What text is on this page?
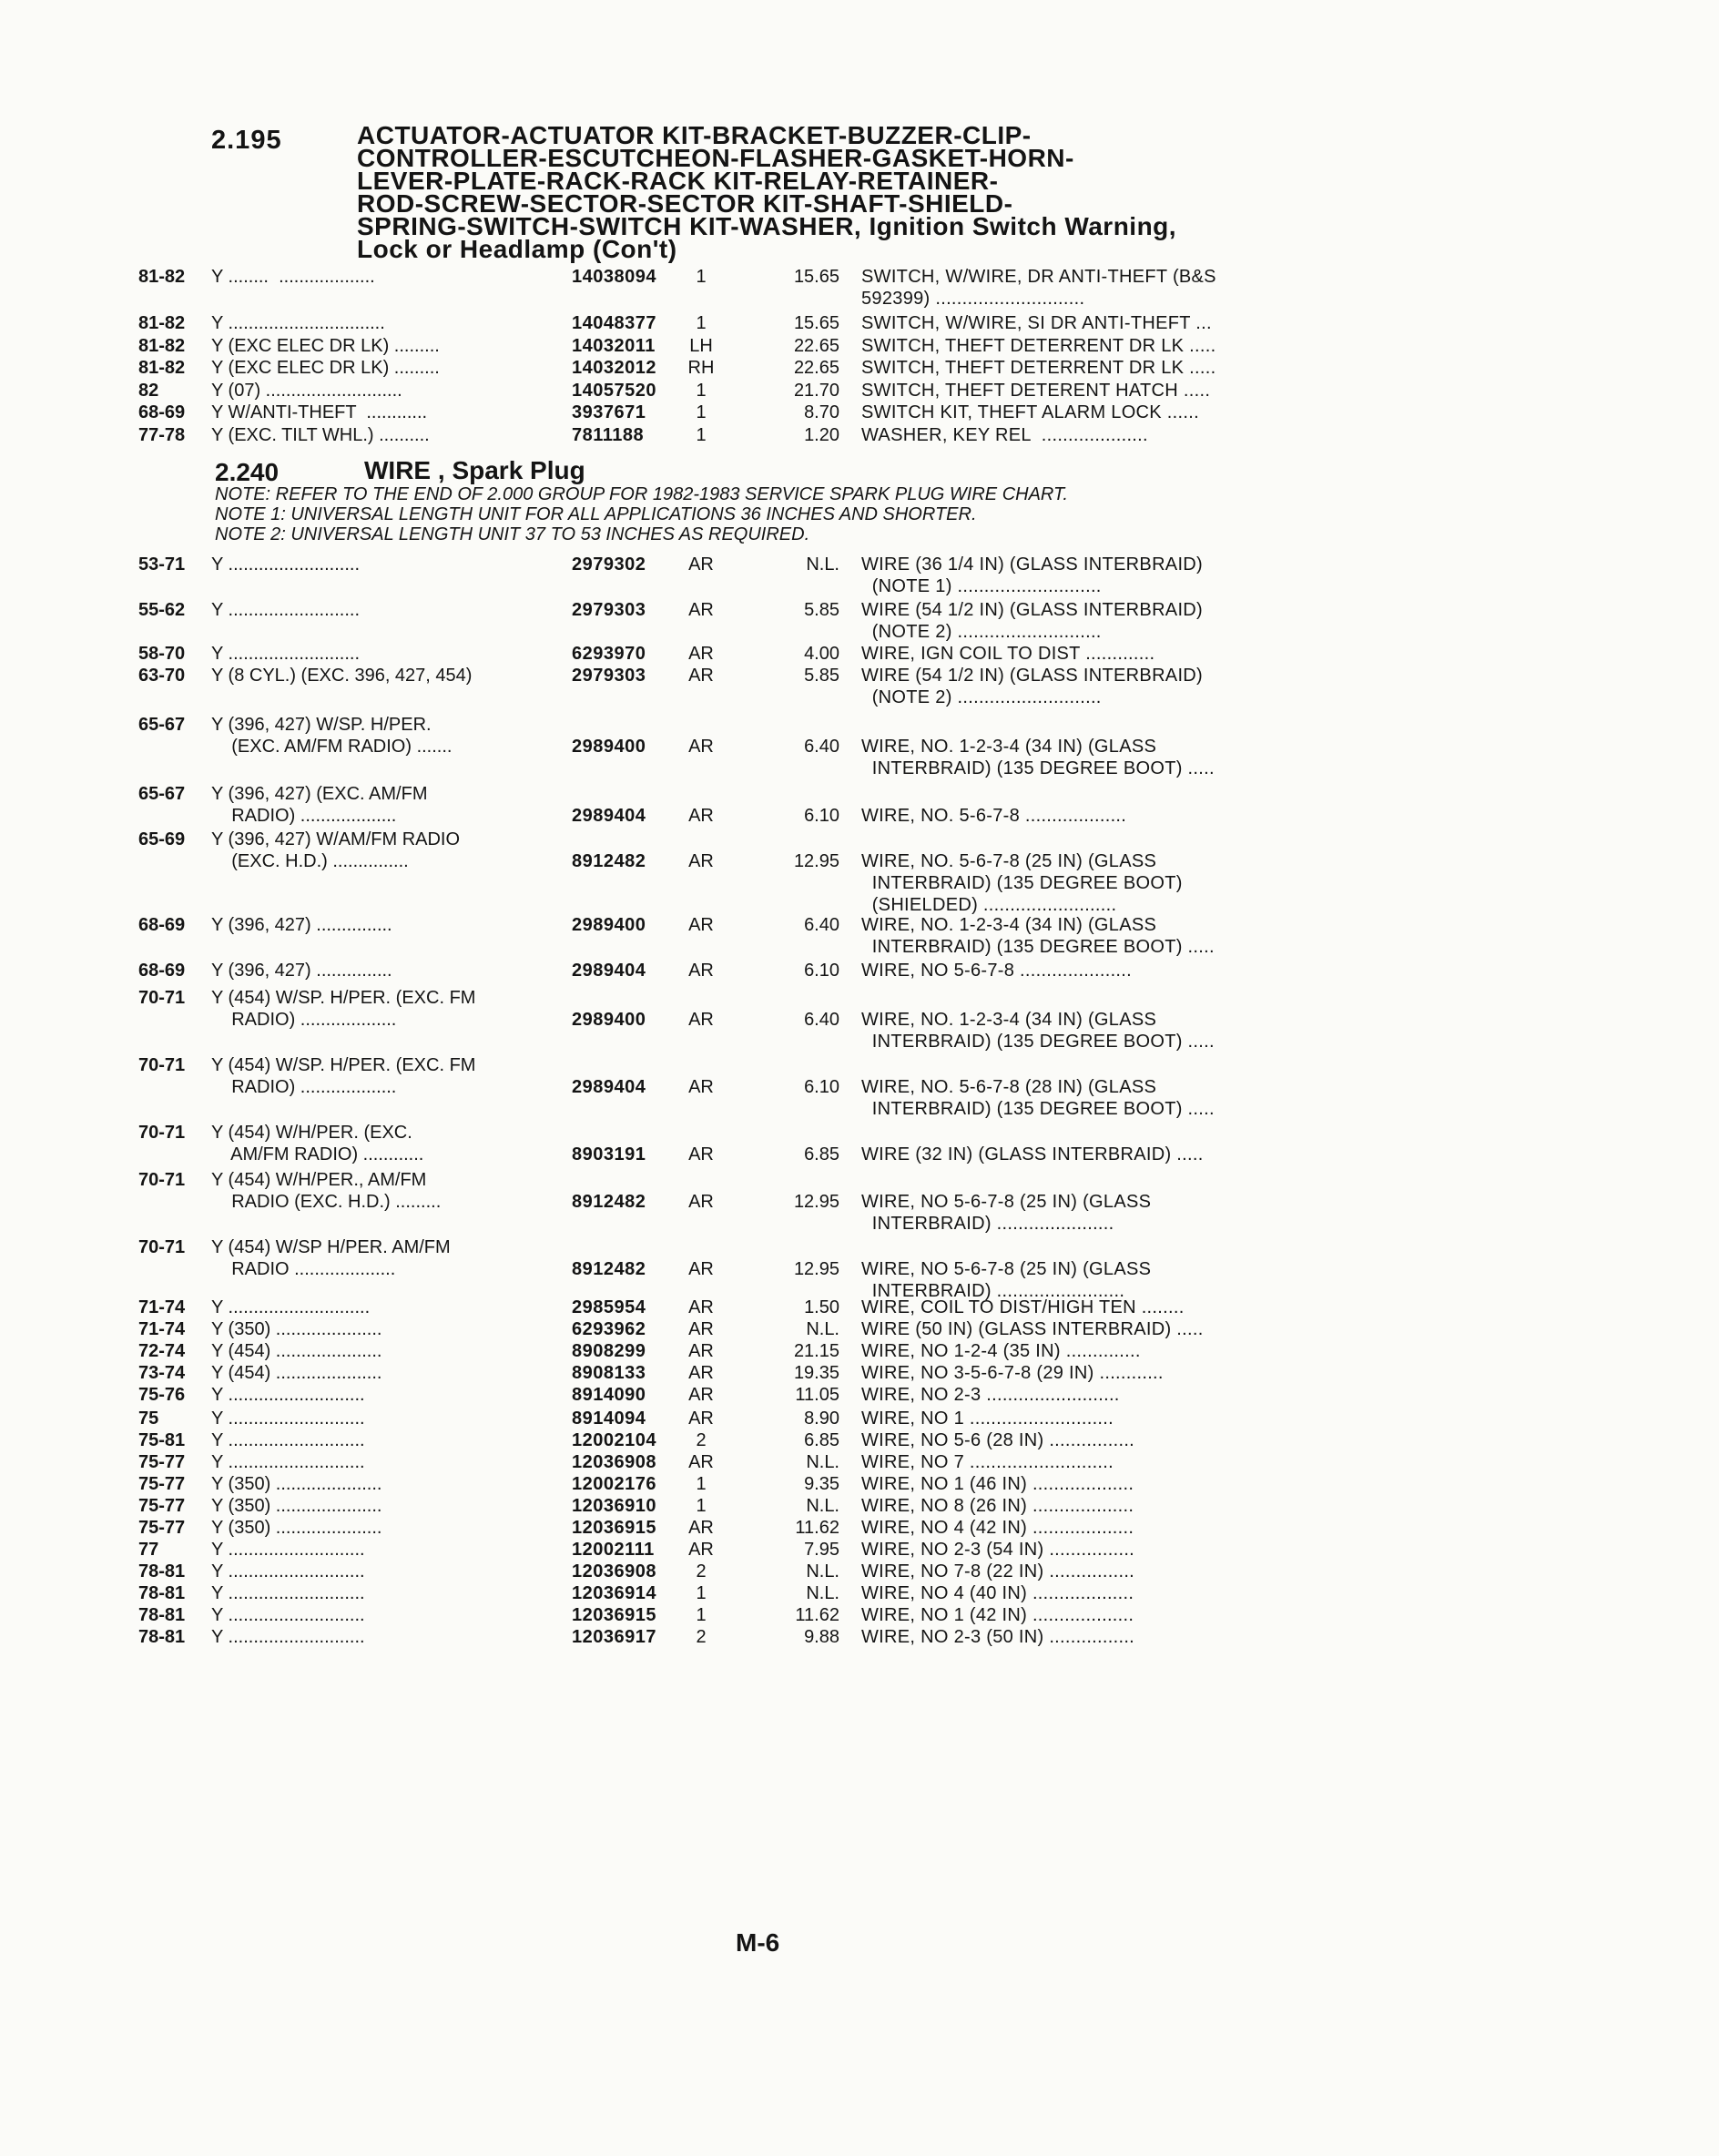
2.195	ACTUATOR-ACTUATOR KIT-BRACKET-BUZZER-CLIP-
CONTROLLER-ESCUTCHEON-FLASHER-GASKET-HORN-
LEVER-PLATE-RACK-RACK KIT-RELAY-RETAINER-
ROD-SCREW-SECTOR-SECTOR KIT-SHAFT-SHIELD-
SPRING-SWITCH-SWITCH KIT-WASHER, Ignition Switch Warning,
Lock or Headlamp (Con't)
81-82 Y ........  ...................	14038094	1	15.65 SWITCH, W/WIRE, DR ANTI-THEFT (B&S
592399) ............................
81-82 Y ...............................	14048377	1	15.65 SWITCH, W/WIRE, SI DR ANTI-THEFT ...
81-82 Y (EXC ELEC DR LK) .........	14032011	LH	22.65 SWITCH, THEFT DETERRENT DR LK .....
81-82 Y (EXC ELEC DR LK) .........	14032012	RH	22.65 SWITCH, THEFT DETERRENT DR LK .....
82	Y (07) ...........................	14057520	1	21.70 SWITCH, THEFT DETERENT HATCH .....
68-69 Y W/ANTI-THEFT  ............	3937671	1	8.70 SWITCH KIT, THEFT ALARM LOCK ......
77-78 Y (EXC. TILT WHL.) ..........	7811188	1	1.20 WASHER, KEY REL  ....................
2.240	WIRE , Spark Plug
NOTE: REFER TO THE END OF 2.000 GROUP FOR 1982-1983 SERVICE SPARK PLUG WIRE CHART.
NOTE 1: UNIVERSAL LENGTH UNIT FOR ALL APPLICATIONS 36 INCHES AND SHORTER.
NOTE 2: UNIVERSAL LENGTH UNIT 37 TO 53 INCHES AS REQUIRED.
53-71 Y ..........................	2979302	AR	N.L. WIRE (36 1/4 IN) (GLASS INTERBRAID)
(NOTE 1) ...........................
55-62 Y ..........................	2979303	AR	5.85 WIRE (54 1/2 IN) (GLASS INTERBRAID)
(NOTE 2) ...........................
58-70 Y ..........................	6293970	AR	4.00 WIRE, IGN COIL TO DIST .............
63-70 Y (8 CYL.) (EXC. 396, 427, 454)	2979303	AR	5.85 WIRE (54 1/2 IN) (GLASS INTERBRAID)
(NOTE 2) ...........................
65-67 Y (396, 427) W/SP. H/PER.
(EXC. AM/FM RADIO) .......	2989400	AR	6.40 WIRE, NO. 1-2-3-4 (34 IN) (GLASS
INTERBRAID) (135 DEGREE BOOT) .....
65-67 Y (396, 427) (EXC. AM/FM
RADIO) ...................	2989404	AR	6.10 WIRE, NO. 5-6-7-8 ...................
65-69 Y (396, 427) W/AM/FM RADIO
(EXC. H.D.) ...............	8912482	AR	12.95 WIRE, NO. 5-6-7-8 (25 IN) (GLASS
INTERBRAID) (135 DEGREE BOOT)
(SHIELDED) .........................
68-69 Y (396, 427) ...............	2989400	AR	6.40 WIRE, NO. 1-2-3-4 (34 IN) (GLASS
INTERBRAID) (135 DEGREE BOOT) .....
68-69 Y (396, 427) ...............	2989404	AR	6.10 WIRE, NO 5-6-7-8 .....................
70-71 Y (454) W/SP. H/PER. (EXC. FM
RADIO) ...................	2989400	AR	6.40 WIRE, NO. 1-2-3-4 (34 IN) (GLASS
INTERBRAID) (135 DEGREE BOOT) .....
70-71 Y (454) W/SP. H/PER. (EXC. FM
RADIO) ...................	2989404	AR	6.10 WIRE, NO. 5-6-7-8 (28 IN) (GLASS
INTERBRAID) (135 DEGREE BOOT) .....
70-71 Y (454) W/H/PER. (EXC.
AM/FM RADIO) ............	8903191	AR	6.85 WIRE (32 IN) (GLASS INTERBRAID) .....
70-71 Y (454) W/H/PER., AM/FM
RADIO (EXC. H.D.) .........	8912482	AR	12.95 WIRE, NO 5-6-7-8 (25 IN) (GLASS
INTERBRAID) ......................
70-71 Y (454) W/SP H/PER. AM/FM
RADIO ....................	8912482	AR	12.95 WIRE, NO 5-6-7-8 (25 IN) (GLASS
INTERBRAID) ........................
71-74 Y ............................	2985954	AR	1.50 WIRE, COIL TO DIST/HIGH TEN ........
71-74 Y (350) .....................	6293962	AR	N.L. WIRE (50 IN) (GLASS INTERBRAID) .....
72-74 Y (454) .....................	8908299	AR	21.15 WIRE, NO 1-2-4 (35 IN) ..............
73-74 Y (454) .....................	8908133	AR	19.35 WIRE, NO 3-5-6-7-8 (29 IN) ............
75-76 Y ...........................	8914090	AR	11.05 WIRE, NO 2-3 .........................
75	Y ...........................	8914094	AR	8.90 WIRE, NO 1 ...........................
75-81 Y ...........................	12002104	2	6.85 WIRE, NO 5-6 (28 IN) ................
75-77 Y ...........................	12036908	AR	N.L. WIRE, NO 7 ...........................
75-77 Y (350) .....................	12002176	1	9.35 WIRE, NO 1 (46 IN) ...................
75-77 Y (350) .....................	12036910	1	N.L. WIRE, NO 8 (26 IN) ...................
75-77 Y (350) .....................	12036915	AR	11.62 WIRE, NO 4 (42 IN) ...................
77	Y ...........................	12002111	AR	7.95 WIRE, NO 2-3 (54 IN) ................
78-81 Y ...........................	12036908	2	N.L. WIRE, NO 7-8 (22 IN) ................
78-81 Y ...........................	12036914	1	N.L. WIRE, NO 4 (40 IN) ...................
78-81 Y ...........................	12036915	1	11.62 WIRE, NO 1 (42 IN) ...................
78-81 Y ...........................	12036917	2	9.88 WIRE, NO 2-3 (50 IN) ................
M-6
